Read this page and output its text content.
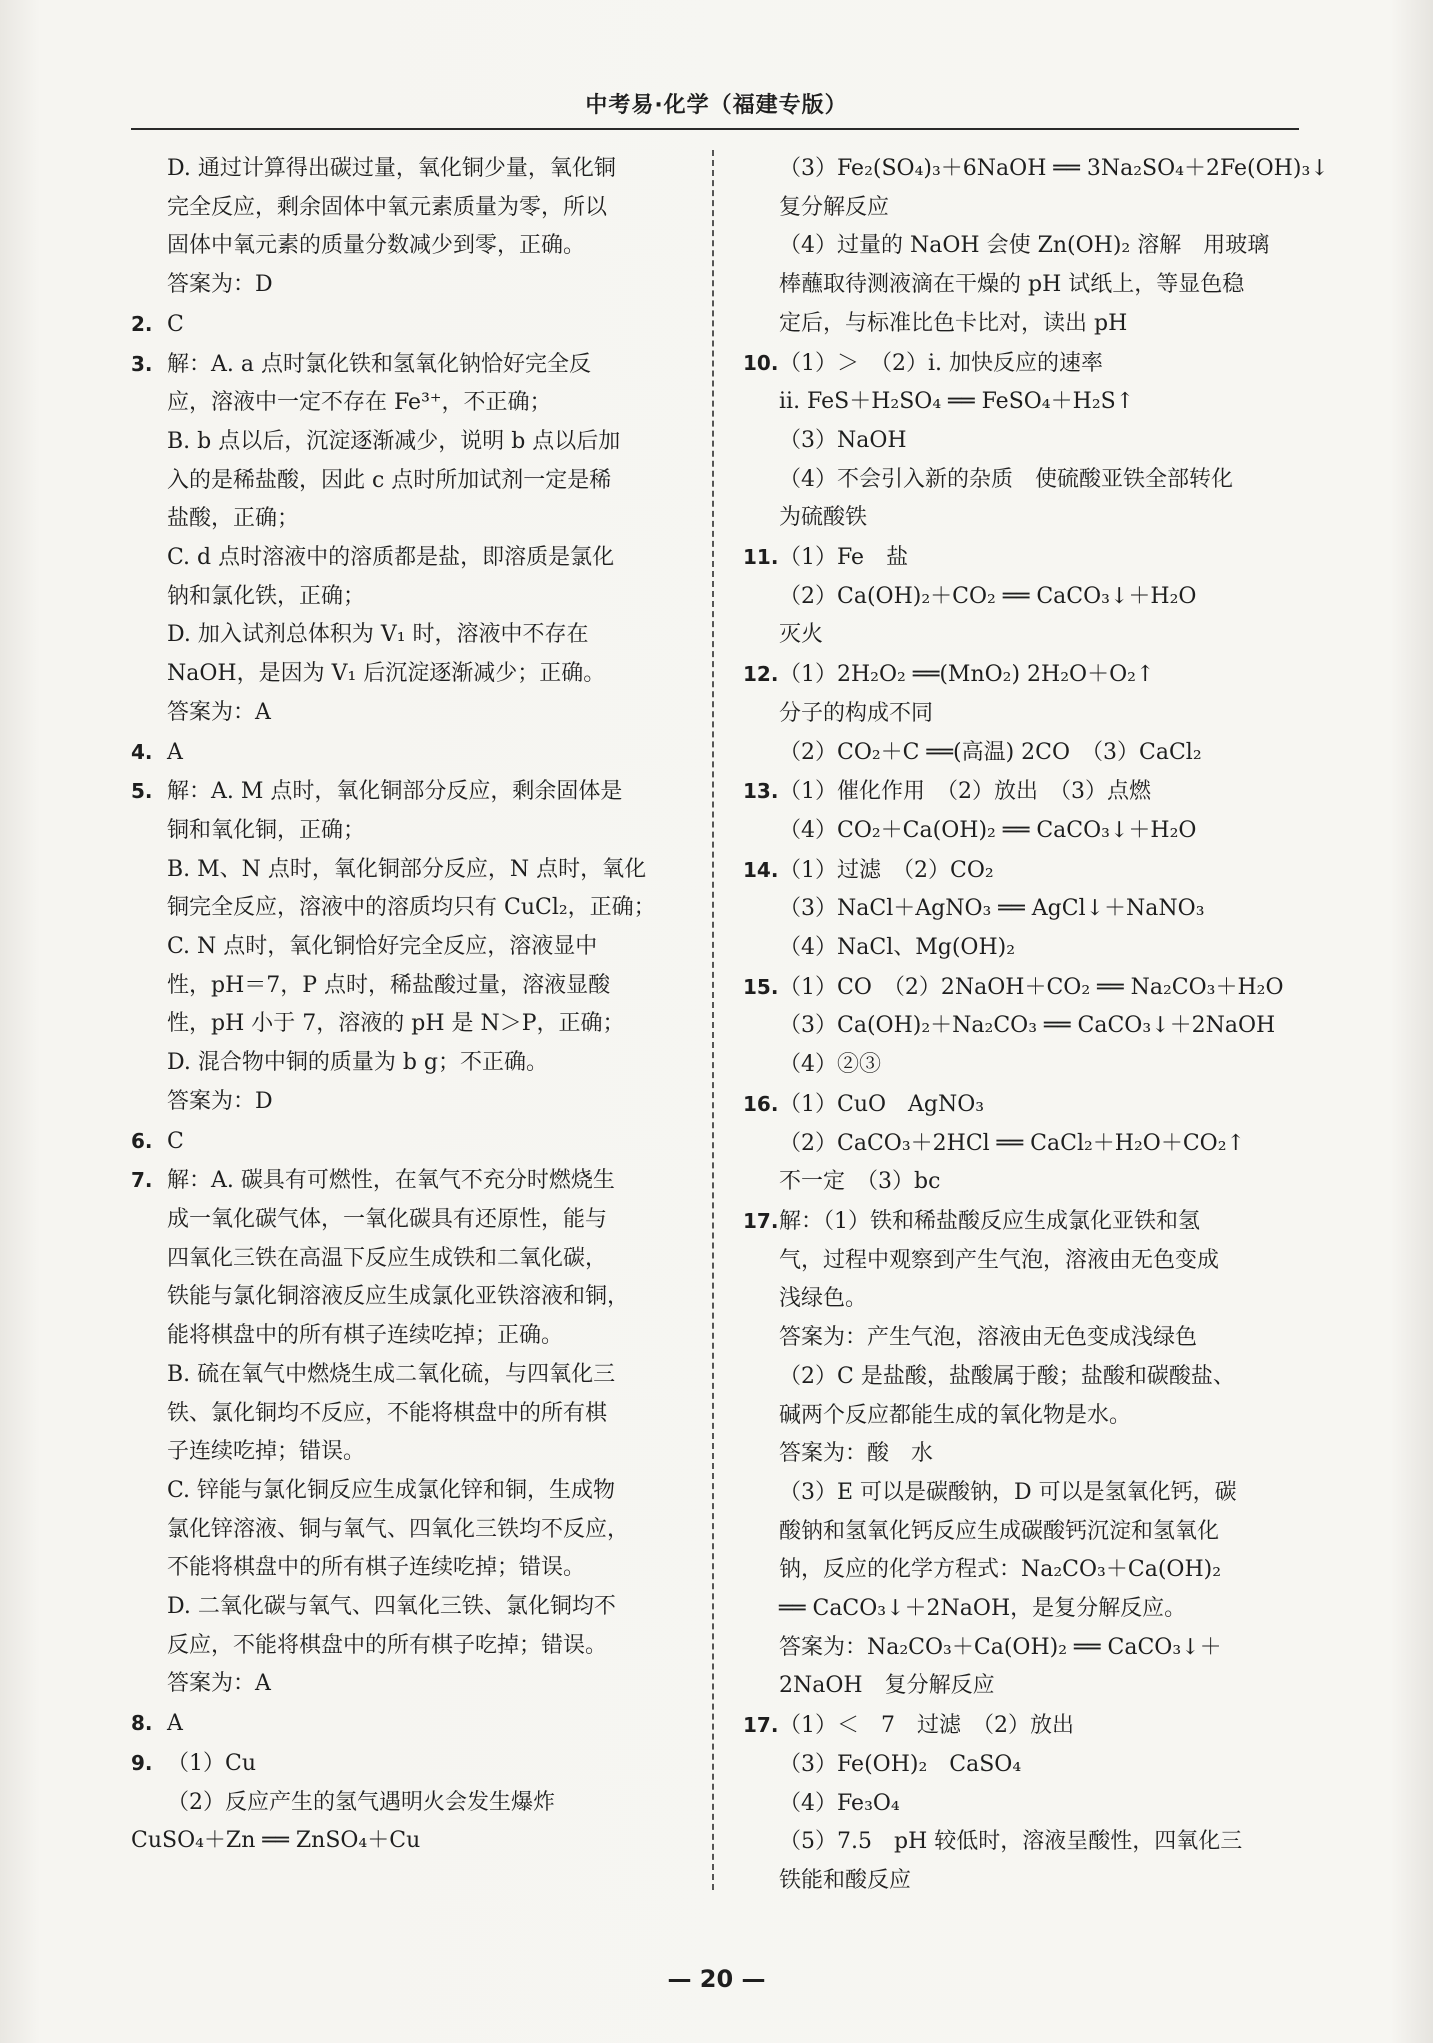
中考易·化学（福建专版）
D. 通过计算得出碳过量，氧化铜少量，氧化铜
完全反应，剩余固体中氧元素质量为零，所以
固体中氧元素的质量分数减少到零，正确。
答案为：D
2. C
3. 解：A. a 点时氯化铁和氢氧化钠恰好完全反
应，溶液中一定不存在 Fe³⁺，不正确；
B. b 点以后，沉淀逐渐减少，说明 b 点以后加
入的是稀盐酸，因此 c 点时所加试剂一定是稀
盐酸，正确；
C. d 点时溶液中的溶质都是盐，即溶质是氯化
钠和氯化铁，正确；
D. 加入试剂总体积为 V₁ 时，溶液中不存在
NaOH，是因为 V₁ 后沉淀逐渐减少；正确。
答案为：A
4. A
5. 解：A. M 点时，氧化铜部分反应，剩余固体是
铜和氧化铜，正确；
B. M、N 点时，氧化铜部分反应，N 点时，氧化
铜完全反应，溶液中的溶质均只有 CuCl₂，正确；
C. N 点时，氧化铜恰好完全反应，溶液显中
性，pH＝7，P 点时，稀盐酸过量，溶液显酸
性，pH 小于 7，溶液的 pH 是 N＞P，正确；
D. 混合物中铜的质量为 b g；不正确。
答案为：D
6. C
7. 解：A. 碳具有可燃性，在氧气不充分时燃烧生
成一氧化碳气体，一氧化碳具有还原性，能与
四氧化三铁在高温下反应生成铁和二氧化碳，
铁能与氯化铜溶液反应生成氯化亚铁溶液和铜，
能将棋盘中的所有棋子连续吃掉；正确。
B. 硫在氧气中燃烧生成二氧化硫，与四氧化三
铁、氯化铜均不反应，不能将棋盘中的所有棋
子连续吃掉；错误。
C. 锌能与氯化铜反应生成氯化锌和铜，生成物
氯化锌溶液、铜与氧气、四氧化三铁均不反应，
不能将棋盘中的所有棋子连续吃掉；错误。
D. 二氧化碳与氧气、四氧化三铁、氯化铜均不
反应，不能将棋盘中的所有棋子吃掉；错误。
答案为：A
8. A
9. （1）Cu
（2）反应产生的氢气遇明火会发生爆炸
CuSO₄＋Zn ══ ZnSO₄＋Cu
（3）Fe₂(SO₄)₃＋6NaOH ══ 3Na₂SO₄＋2Fe(OH)₃↓
复分解反应
（4）过量的 NaOH 会使 Zn(OH)₂ 溶解　用玻璃
棒蘸取待测液滴在干燥的 pH 试纸上，等显色稳
定后，与标准比色卡比对，读出 pH
10.（1）＞　（2）i. 加快反应的速率
ii. FeS＋H₂SO₄ ══ FeSO₄＋H₂S↑
（3）NaOH
（4）不会引入新的杂质　使硫酸亚铁全部转化
为硫酸铁
11.（1）Fe　盐
（2）Ca(OH)₂＋CO₂ ══ CaCO₃↓＋H₂O
灭火
12.（1）2H₂O₂ ══(MnO₂) 2H₂O＋O₂↑
分子的构成不同
（2）CO₂＋C ══(高温) 2CO　（3）CaCl₂
13.（1）催化作用　（2）放出　（3）点燃
（4）CO₂＋Ca(OH)₂ ══ CaCO₃↓＋H₂O
14.（1）过滤　（2）CO₂
（3）NaCl＋AgNO₃ ══ AgCl↓＋NaNO₃
（4）NaCl、Mg(OH)₂
15.（1）CO　（2）2NaOH＋CO₂ ══ Na₂CO₃＋H₂O
（3）Ca(OH)₂＋Na₂CO₃ ══ CaCO₃↓＋2NaOH
（4）②③
16.（1）CuO　AgNO₃
（2）CaCO₃＋2HCl ══ CaCl₂＋H₂O＋CO₂↑
不一定　（3）bc
17.解：（1）铁和稀盐酸反应生成氯化亚铁和氢
气，过程中观察到产生气泡，溶液由无色变成
浅绿色。
答案为：产生气泡，溶液由无色变成浅绿色
（2）C 是盐酸，盐酸属于酸；盐酸和碳酸盐、
碱两个反应都能生成的氧化物是水。
答案为：酸　水
（3）E 可以是碳酸钠，D 可以是氢氧化钙，碳
酸钠和氢氧化钙反应生成碳酸钙沉淀和氢氧化
钠，反应的化学方程式：Na₂CO₃＋Ca(OH)₂
══ CaCO₃↓＋2NaOH，是复分解反应。
答案为：Na₂CO₃＋Ca(OH)₂ ══ CaCO₃↓＋
2NaOH　复分解反应
17.（1）＜　7　过滤　（2）放出
（3）Fe(OH)₂　CaSO₄
（4）Fe₃O₄
（5）7.5　pH 较低时，溶液呈酸性，四氧化三
铁能和酸反应
— 20 —
